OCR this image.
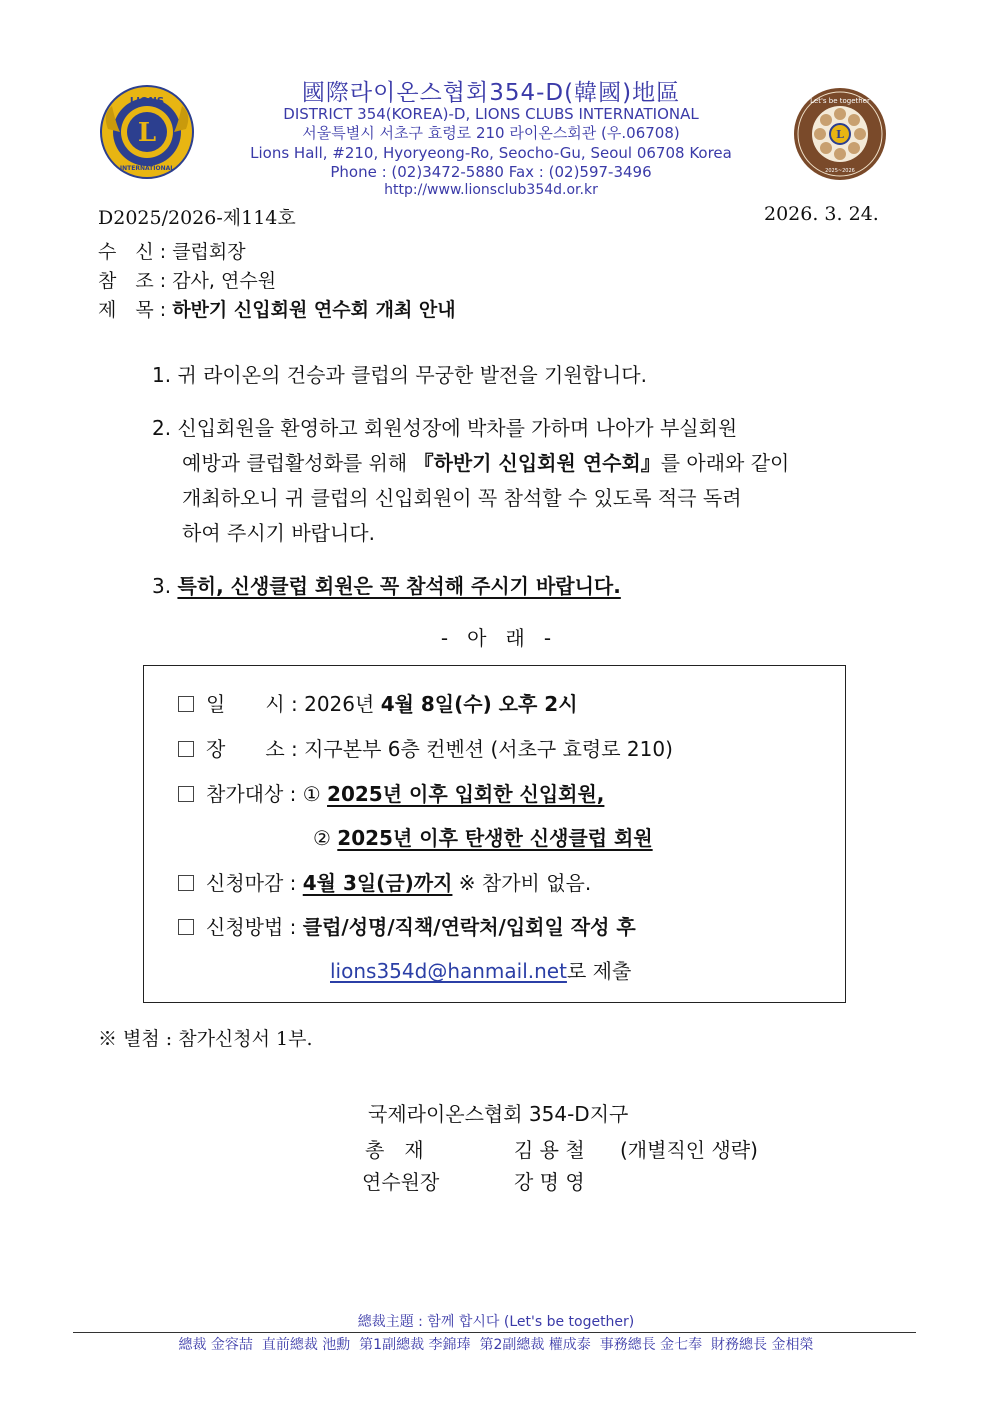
L
LIONS
INTERNATIONAL
L
Let's be together
2025~2026
國際라이온스협회354-D(韓國)地區
DISTRICT 354(KOREA)-D, LIONS CLUBS INTERNATIONAL
서울특별시 서초구 효령로 210 라이온스회관 (우.06708)
Lions Hall, #210, Hyoryeong-Ro, Seocho-Gu, Seoul 06708 Korea
Phone : (02)3472-5880 Fax : (02)597-3496
http://www.lionsclub354d.or.kr
D2025/2026-제114호	2026. 3. 24.
수　신 : 클럽회장
참　조 : 감사, 연수원
제　목 : 하반기 신입회원 연수회 개최 안내
1. 귀 라이온의 건승과 클럽의 무궁한 발전을 기원합니다.
2. 신입회원을 환영하고 회원성장에 박차를 가하며 나아가 부실회원
예방과 클럽활성화를 위해 『하반기 신입회원 연수회』를 아래와 같이
개최하오니 귀 클럽의 신입회원이 꼭 참석할 수 있도록 적극 독려
하여 주시기 바랍니다.
3. 특히, 신생클럽 회원은 꼭 참석해 주시기 바랍니다.
-   아   래   -
일　　시 : 2026년 4월 8일(수) 오후 2시
장　　소 : 지구본부 6층 컨벤션 (서초구 효령로 210)
참가대상 : ① 2025년 이후 입회한 신입회원,
② 2025년 이후 탄생한 신생클럽 회원
신청마감 : 4월 3일(금)까지 ※ 참가비 없음.
신청방법 : 클럽/성명/직책/연락처/입회일 작성 후
lions354d@hanmail.net로 제출
※ 별첨 : 참가신청서 1부.
국제라이온스협회 354-D지구
총　재	김 용 철 (개별직인 생략)
연수원장	강 명 영
總裁主題 : 함께 합시다 (Let's be together)
總裁 金容喆  直前總裁 池勳  第1副總裁 李錦琫  第2副總裁 權成泰  事務總長 金七奉  財務總長 金相榮
